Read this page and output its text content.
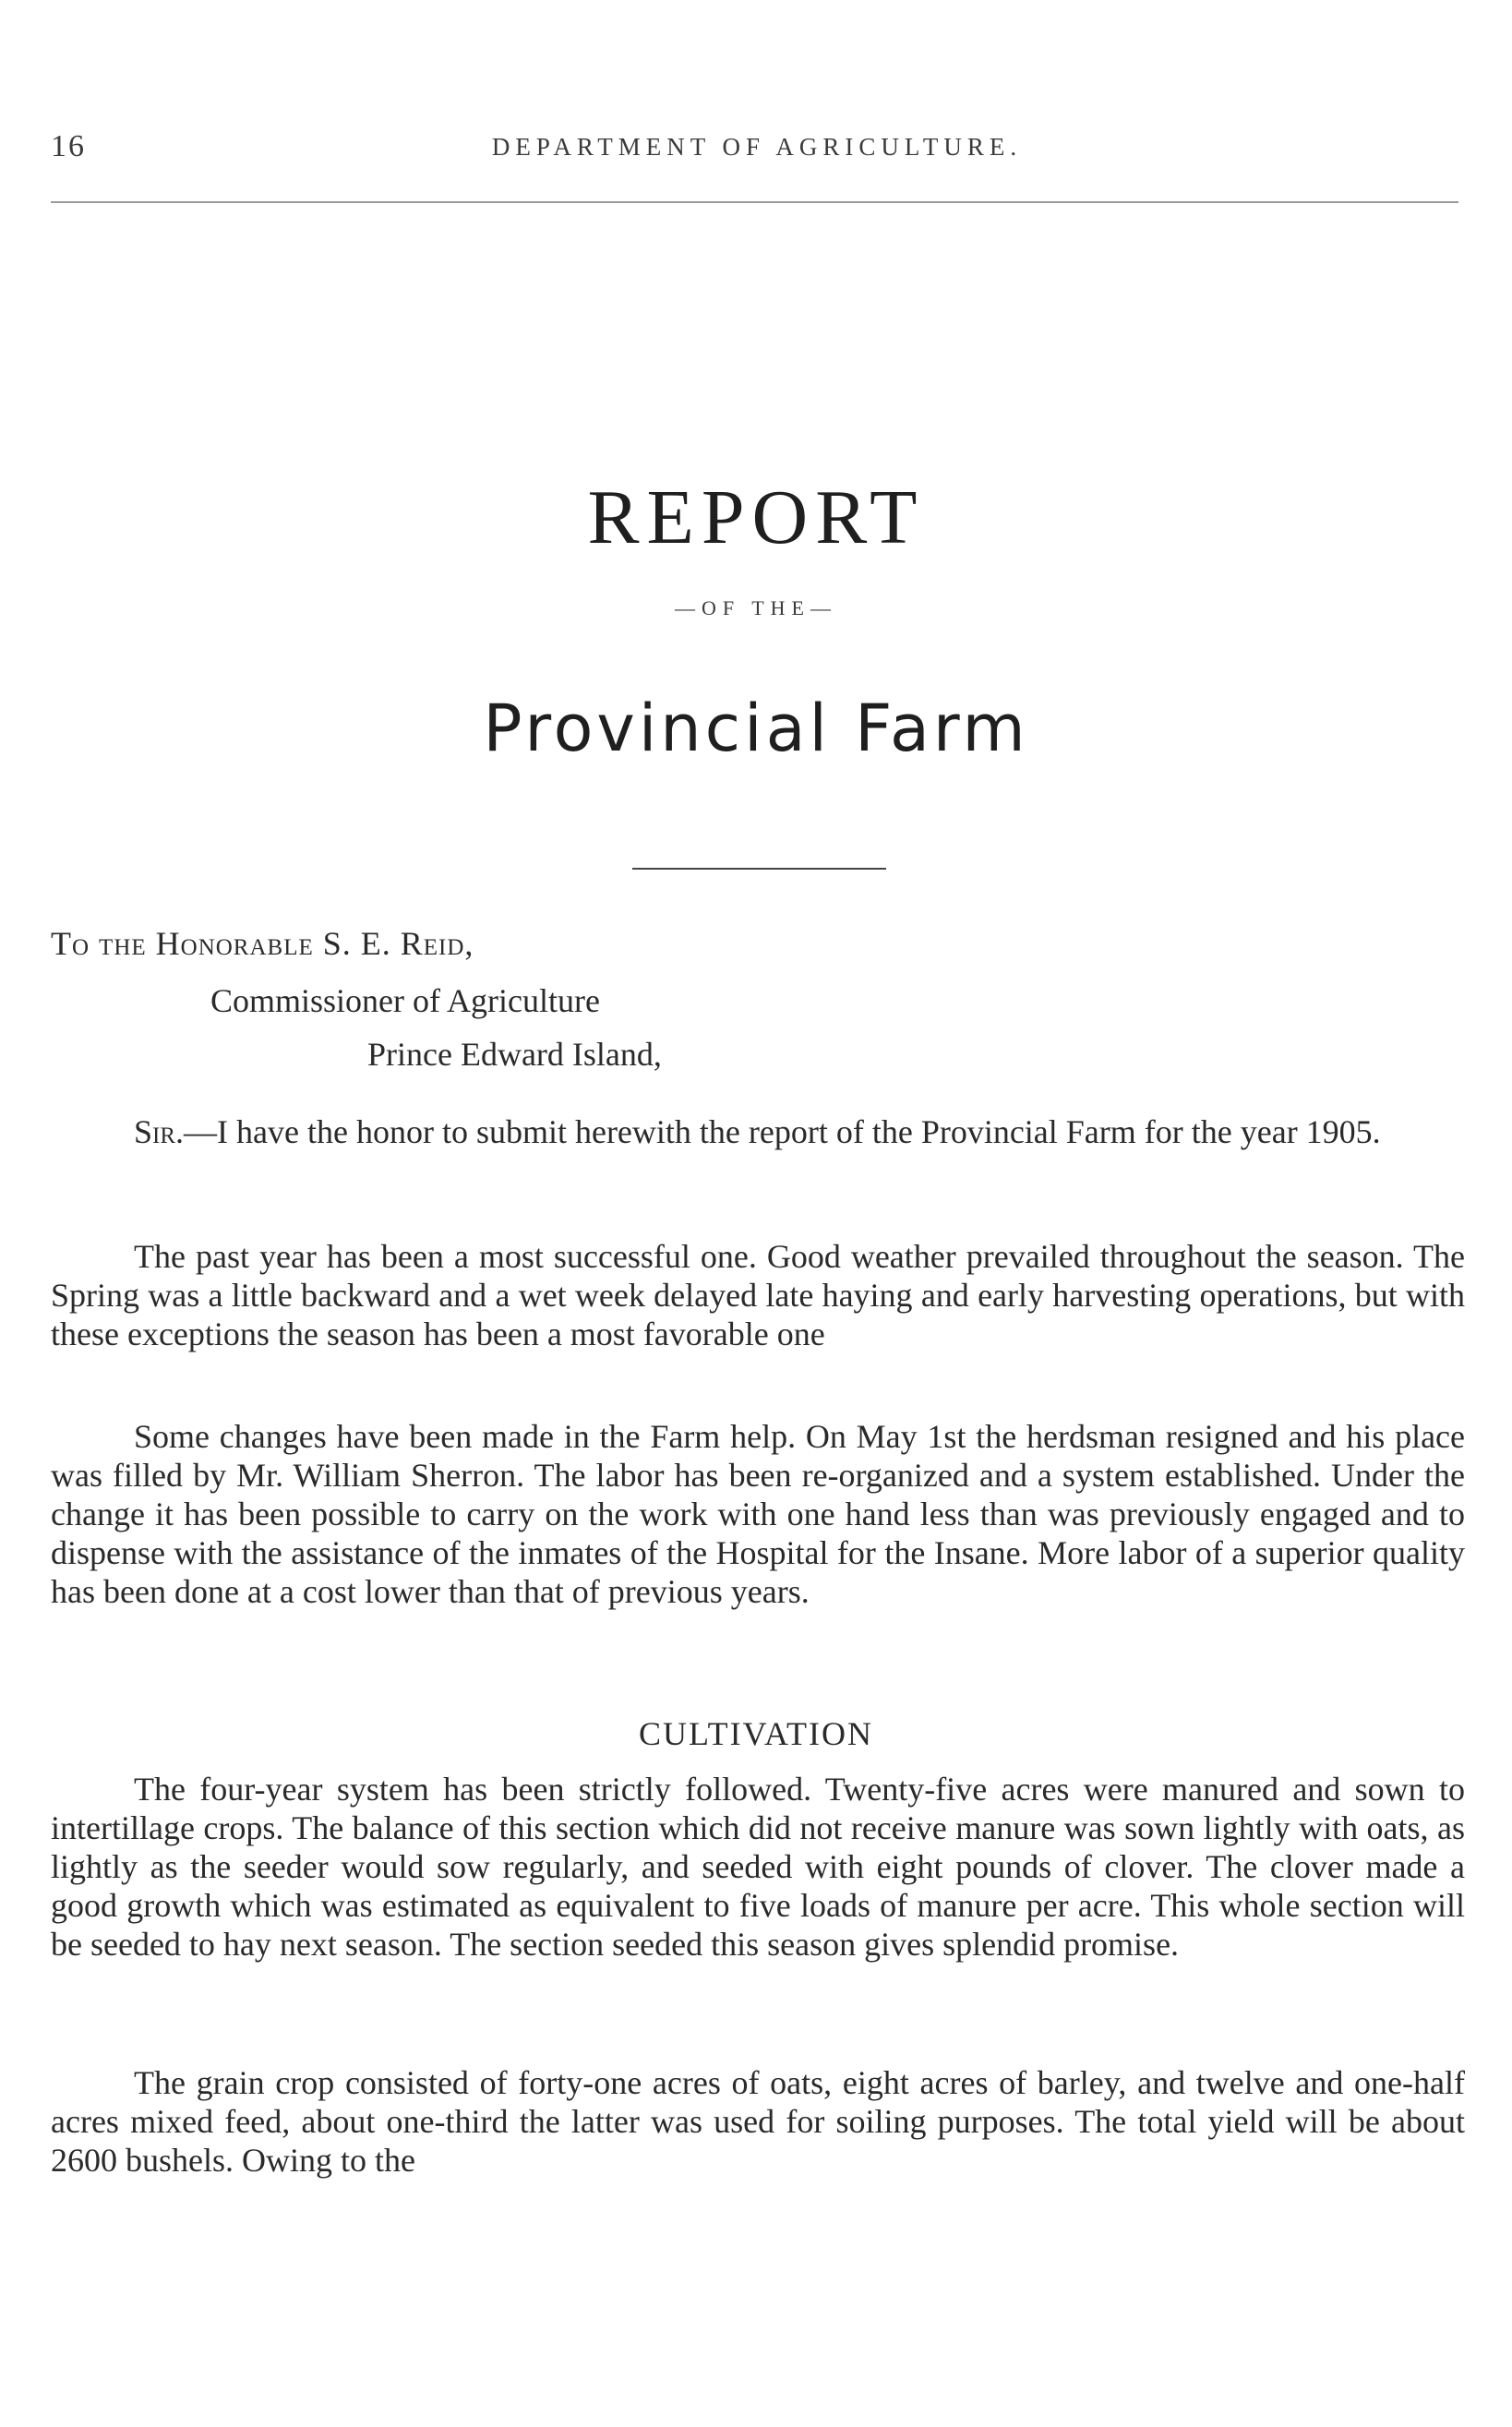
16	DEPARTMENT OF AGRICULTURE.
REPORT
—OF THE—
Provincial Farm
To the Honorable S. E. Reid,
Commissioner of Agriculture
Prince Edward Island,

Sir.—I have the honor to submit herewith the report of the Provincial Farm for the year 1905.

The past year has been a most successful one. Good weather prevailed throughout the season. The Spring was a little backward and a wet week delayed late haying and early harvesting operations, but with these exceptions the season has been a most favorable one

Some changes have been made in the Farm help. On May 1st the herdsman resigned and his place was filled by Mr. William Sherron. The labor has been re-organized and a system established. Under the change it has been possible to carry on the work with one hand less than was previously engaged and to dispense with the assistance of the inmates of the Hospital for the Insane. More labor of a superior quality has been done at a cost lower than that of previous years.

CULTIVATION

The four-year system has been strictly followed. Twenty-five acres were manured and sown to intertillage crops. The balance of this section which did not receive manure was sown lightly with oats, as lightly as the seeder would sow regularly, and seeded with eight pounds of clover. The clover made a good growth which was estimated as equivalent to five loads of manure per acre. This whole section will be seeded to hay next season. The section seeded this season gives splendid promise.

The grain crop consisted of forty-one acres of oats, eight acres of barley, and twelve and one-half acres mixed feed, about one-third the latter was used for soiling purposes. The total yield will be about 2600 bushels. Owing to the
